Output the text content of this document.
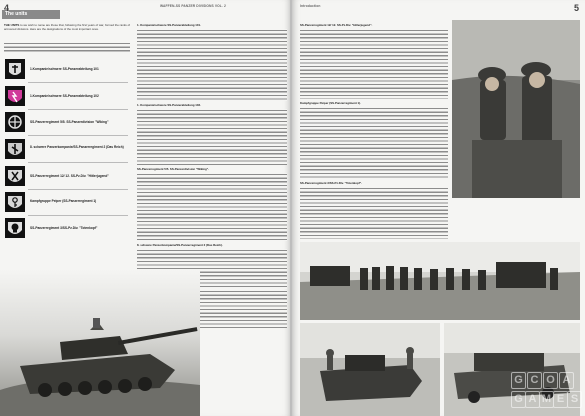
The units
4	WAFFEN-SS PANZER DIVISIONS VOL. 2
THE UNITS to we wish to name are those that, following the first years of war, formed the ranks of armoured divisions. Here are the designations of the most important ones.
1.Kompanie/schwere SS-Panzerabteilung 101
1.Kompanie/schwere SS-Panzerabteilung 102
SS-Panzerregiment 5/5. SS-Panzerdivision "Wiking"
8. schwere Panzerkompanie/SS-Panzerregiment 2 (Das Reich)
SS-Panzerregiment 12/ 12. SS-Pz.Div. "Hitlerjugend"
Kampfgruppe Peiper (SS-Panzerregiment 1)
SS-Panzerregiment 3/SS-Pz.Div. "Totenkopf"
1. Kompanie/schwere SS-Panzerabteilung 101.
1. Kompanie/schwere SS-Panzerabteilung 102.
SS-Panzerregiment 5/5. SS-Panzerdivision "Wiking".
8. schwere Panzerkompanie/SS-Panzerregiment 2 (Das Reich).
Introduction	5
SS-Panzerregiment 12/ 12. SS-Pz.Div. "Hitlerjugend".
Kampfgruppe Peiper (SS-Panzerregiment 1).
SS-Panzerregiment 3/SS-Pz.Div. "Totenkopf".
G C O A
G A M E S
